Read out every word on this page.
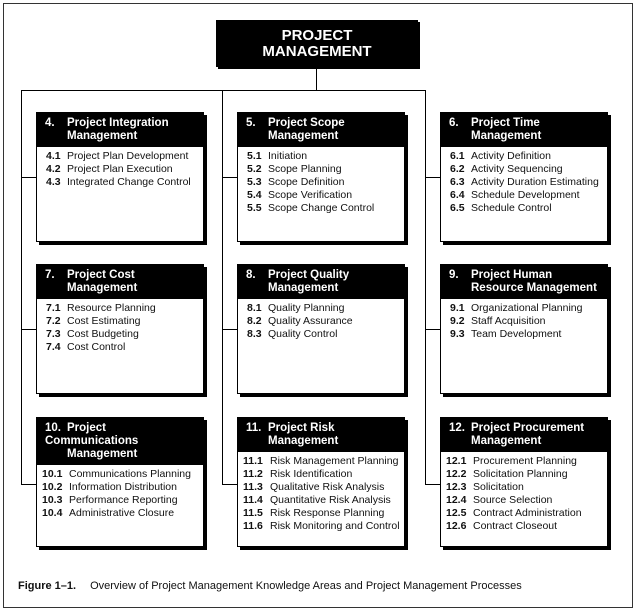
PROJECT
MANAGEMENT
4. Project Integration
Management
4.1 Project Plan Development
4.2 Project Plan Execution
4.3 Integrated Change Control
5. Project Scope
Management
5.1 Initiation
5.2 Scope Planning
5.3 Scope Definition
5.4 Scope Verification
5.5 Scope Change Control
6. Project Time
Management
6.1 Activity Definition
6.2 Activity Sequencing
6.3 Activity Duration Estimating
6.4 Schedule Development
6.5 Schedule Control
7. Project Cost
Management
7.1 Resource Planning
7.2 Cost Estimating
7.3 Cost Budgeting
7.4 Cost Control
8. Project Quality
Management
8.1 Quality Planning
8.2 Quality Assurance
8.3 Quality Control
9. Project Human
Resource Management
9.1 Organizational Planning
9.2 Staff Acquisition
9.3 Team Development
10. Project Communications
Management
10.1 Communications Planning
10.2 Information Distribution
10.3 Performance Reporting
10.4 Administrative Closure
11. Project Risk
Management
11.1 Risk Management Planning
11.2 Risk Identification
11.3 Qualitative Risk Analysis
11.4 Quantitative Risk Analysis
11.5 Risk Response Planning
11.6 Risk Monitoring and Control
12. Project Procurement
Management
12.1 Procurement Planning
12.2 Solicitation Planning
12.3 Solicitation
12.4 Source Selection
12.5 Contract Administration
12.6 Contract Closeout
Figure 1–1. Overview of Project Management Knowledge Areas and Project Management Processes
